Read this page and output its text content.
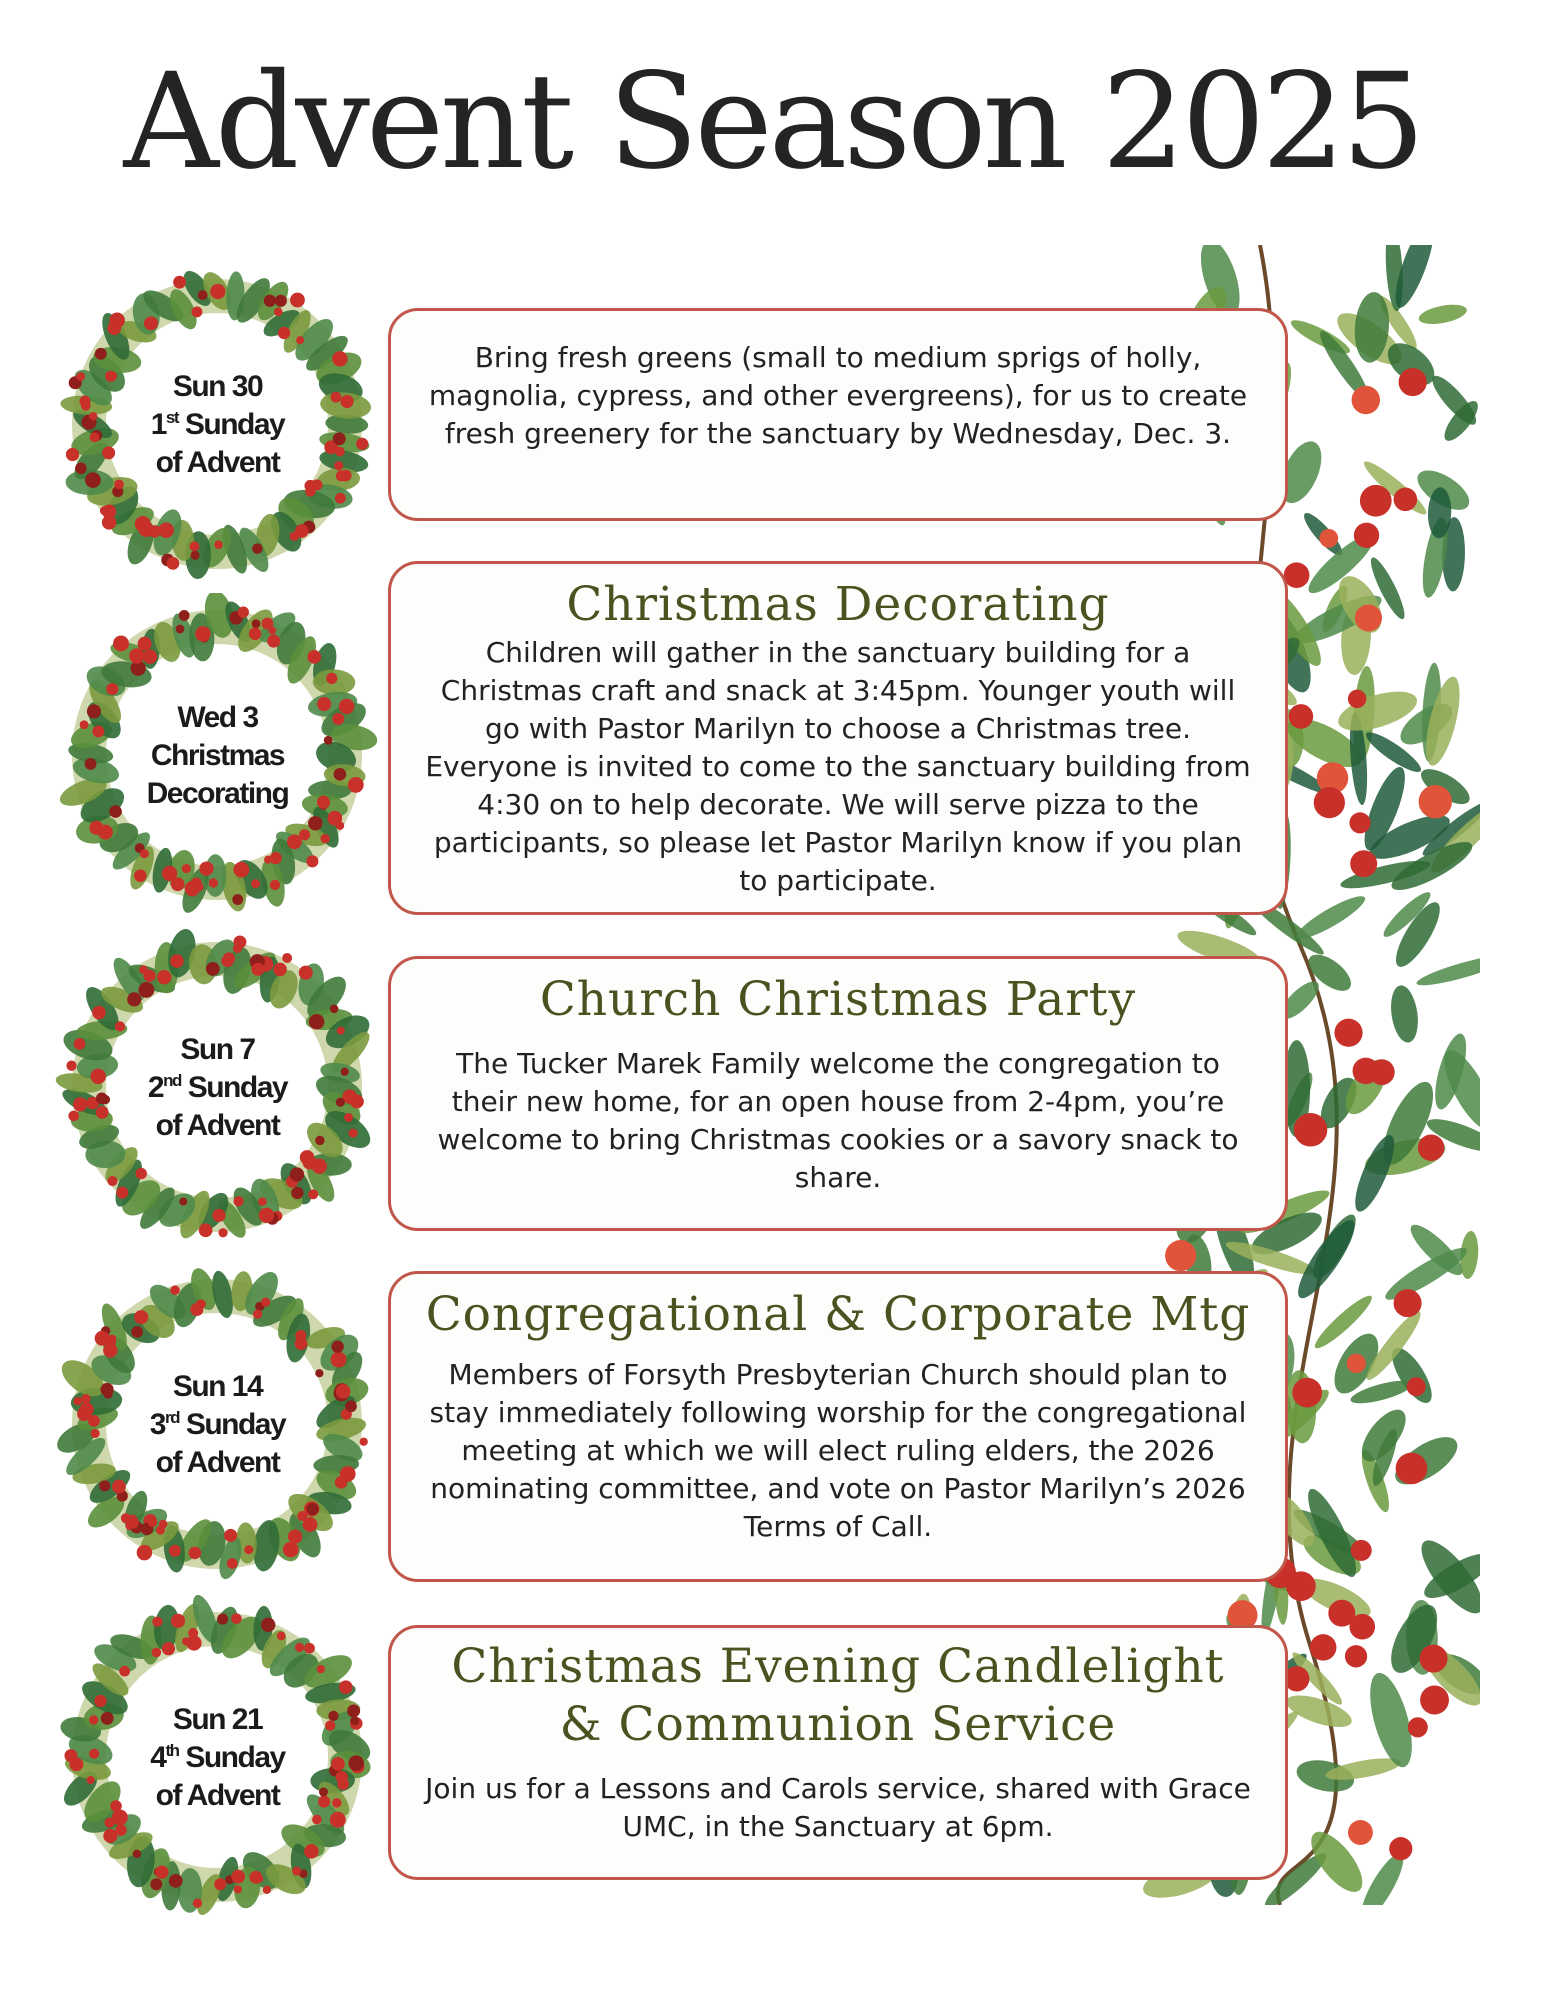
Advent Season 2025
Sun 30
1st Sunday
of Advent
Bring fresh greens (small to medium sprigs of holly, magnolia, cypress, and other evergreens), for us to create fresh greenery for the sanctuary by Wednesday, Dec. 3.
Wed 3
Christmas
Decorating
Christmas Decorating
Children will gather in the sanctuary building for a Christmas craft and snack at 3:45pm. Younger youth will go with Pastor Marilyn to choose a Christmas tree. Everyone is invited to come to the sanctuary building from 4:30 on to help decorate. We will serve pizza to the participants, so please let Pastor Marilyn know if you plan to participate.
Sun 7
2nd Sunday
of Advent
Church Christmas Party
The Tucker Marek Family welcome the congregation to their new home, for an open house from 2-4pm, you’re welcome to bring Christmas cookies or a savory snack to share.
Sun 14
3rd Sunday
of Advent
Congregational & Corporate Mtg
Members of Forsyth Presbyterian Church should plan to stay immediately following worship for the congregational meeting at which we will elect ruling elders, the 2026 nominating committee, and vote on Pastor Marilyn’s 2026 Terms of Call.
Sun 21
4th Sunday
of Advent
Christmas Evening Candlelight & Communion Service
Join us for a Lessons and Carols service, shared with Grace UMC, in the Sanctuary at 6pm.
